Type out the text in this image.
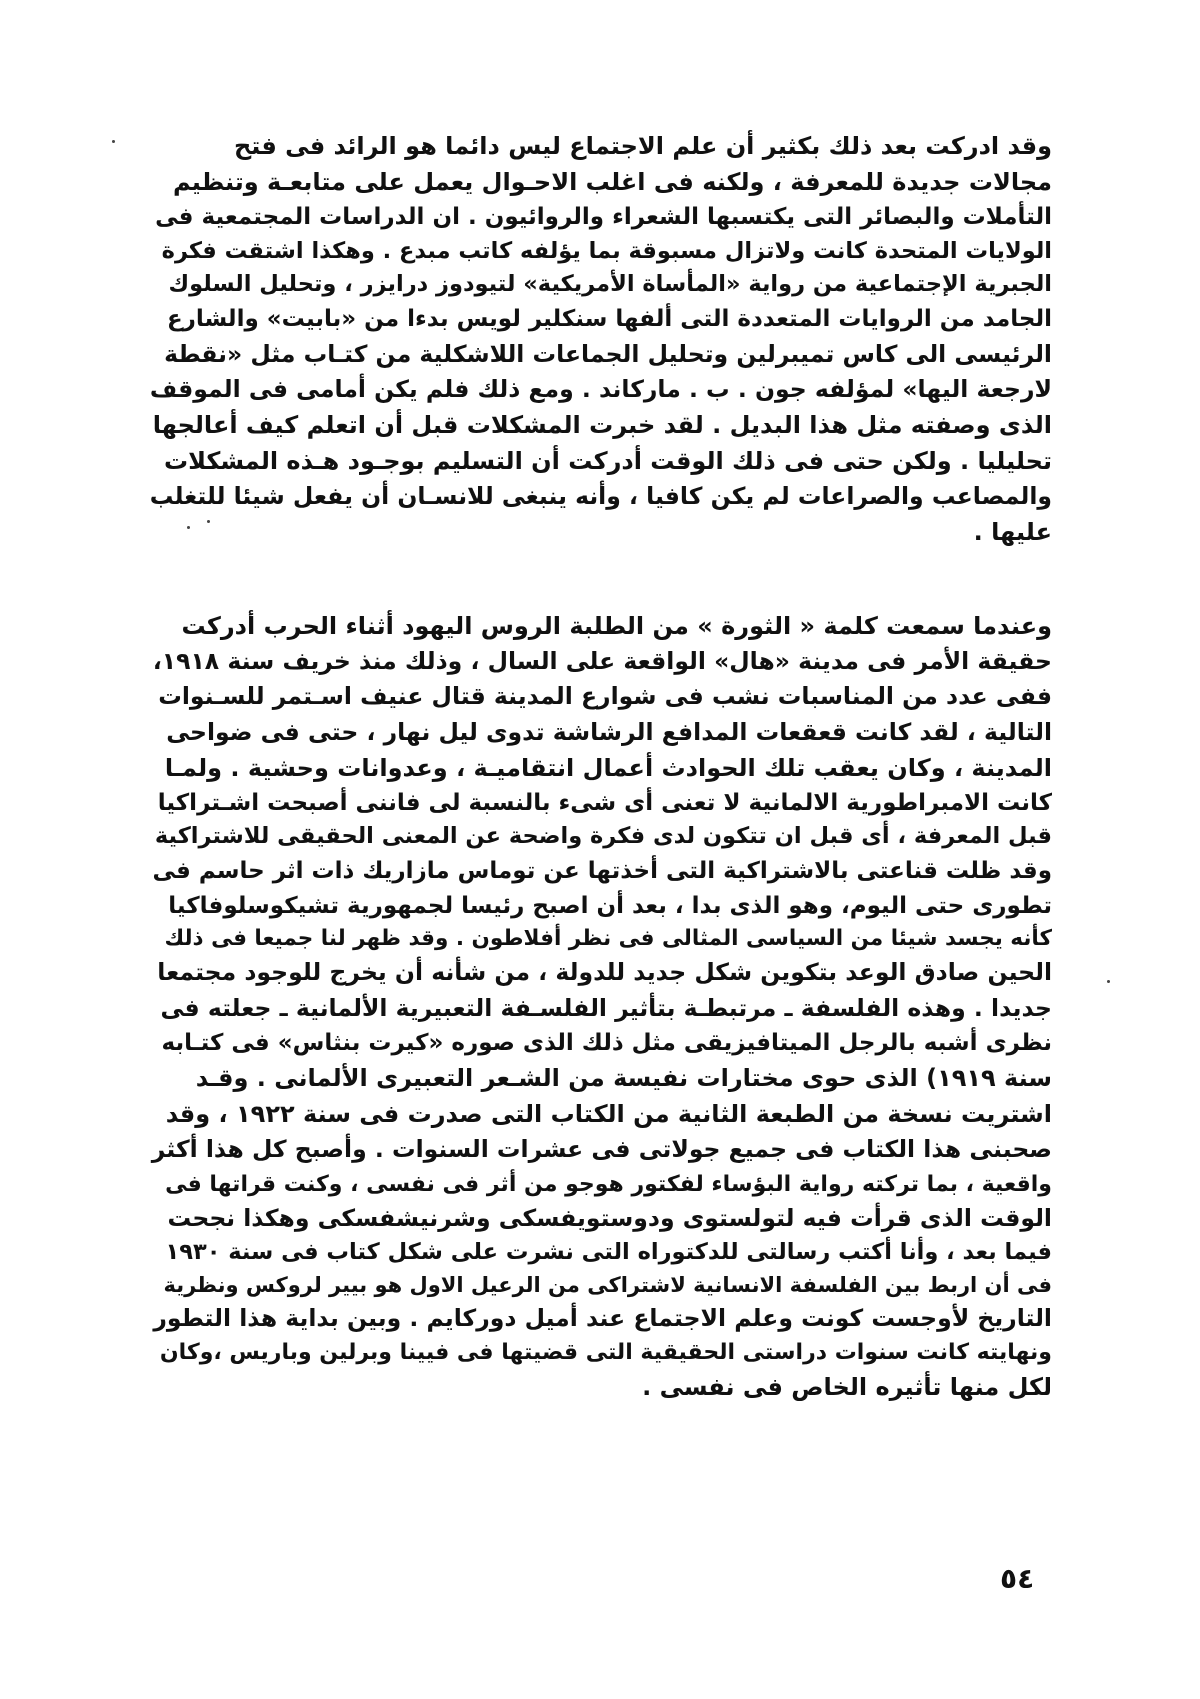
وقد ادركت بعد ذلك بكثير أن علم الاجتماع ليس دائما هو الرائد فى فتح
مجالات جديدة للمعرفة ، ولكنه فى اغلب الاحـوال يعمل على متابعـة وتنظيم
التأملات والبصائر التى يكتسبها الشعراء والروائيون . ان الدراسات المجتمعية فى
الولايات المتحدة كانت ولاتزال مسبوقة بما يؤلفه كاتب مبدع . وهكذا اشتقت فكرة
الجبرية الإجتماعية من رواية «المأساة الأمريكية» لتيودوز درايزر ، وتحليل السلوك
الجامد من الروايات المتعددة التى ألفها سنكلير لويس بدءا من «بابيت» والشارع
الرئيسى الى كاس تميبرلين وتحليل الجماعات اللاشكلية من كتـاب مثل «نقطة
لارجعة اليها» لمؤلفه جون . ب . ماركاند . ومع ذلك فلم يكن أمامى فى الموقف
الذى وصفته مثل هذا البديل . لقد خبرت المشكلات قبل أن اتعلم كيف أعالجها
تحليليا . ولكن حتى فى ذلك الوقت أدركت أن التسليم بوجـود هـذه المشكلات
والمصاعب والصراعات لم يكن كافيا ، وأنه ينبغى للانسـان أن يفعل شيئا للتغلب
عليها .
وعندما سمعت كلمة « الثورة » من الطلبة الروس اليهود أثناء الحرب أدركت
حقيقة الأمر فى مدينة «هال» الواقعة على السال ، وذلك منذ خريف سنة ١٩١٨،
ففى عدد من المناسبات نشب فى شوارع المدينة قتال عنيف اسـتمر للسـنوات
التالية ، لقد كانت قعقعات المدافع الرشاشة تدوى ليل نهار ، حتى فى ضواحى
المدينة ، وكان يعقب تلك الحوادث أعمال انتقاميـة ، وعدوانات وحشية . ولمـا
كانت الامبراطورية الالمانية لا تعنى أى شىء بالنسبة لى فاننى أصبحت اشـتراكيا
قبل المعرفة ، أى قبل ان تتكون لدى فكرة واضحة عن المعنى الحقيقى للاشتراكية
وقد ظلت قناعتى بالاشتراكية التى أخذتها عن توماس مازاريك ذات اثر حاسم فى
تطورى حتى اليوم، وهو الذى بدا ، بعد أن اصبح رئيسا لجمهورية تشيكوسلوفاكيا
كأنه يجسد شيئا من السياسى المثالى فى نظر أفلاطون . وقد ظهر لنا جميعا فى ذلك
الحين صادق الوعد بتكوين شكل جديد للدولة ، من شأنه أن يخرج للوجود مجتمعا
جديدا . وهذه الفلسفة ـ مرتبطـة بتأثير الفلسـفة التعبيرية الألمانية ـ جعلته فى
نظرى أشبه بالرجل الميتافيزيقى مثل ذلك الذى صوره «كيرت بنثاس» فى كتـابه
سنة ١٩١٩) الذى حوى مختارات نفيسة من الشـعر التعبيرى الألمانى . وقـد
اشتريت نسخة من الطبعة الثانية من الكتاب التى صدرت فى سنة ١٩٢٢ ، وقد
صحبنى هذا الكتاب فى جميع جولاتى فى عشرات السنوات . وأصبح كل هذا أكثر
واقعية ، بما تركته رواية البؤساء لفكتور هوجو من أثر فى نفسى ، وكنت قراتها فى
الوقت الذى قرأت فيه لتولستوى ودوستويفسكى وشرنيشفسكى وهكذا نجحت
فيما بعد ، وأنا أكتب رسالتى للدكتوراه التى نشرت على شكل كتاب فى سنة ١٩٣٠
فى أن اربط بين الفلسفة الانسانية لاشتراكى من الرعيل الاول هو بيير لروكس ونظرية
التاريخ لأوجست كونت وعلم الاجتماع عند أميل دوركايم . وبين بداية هذا التطور
ونهايته كانت سنوات دراستى الحقيقية التى قضيتها فى فيينا وبرلين وباريس ،وكان
لكل منها تأثيره الخاص فى نفسى .
٥٤
